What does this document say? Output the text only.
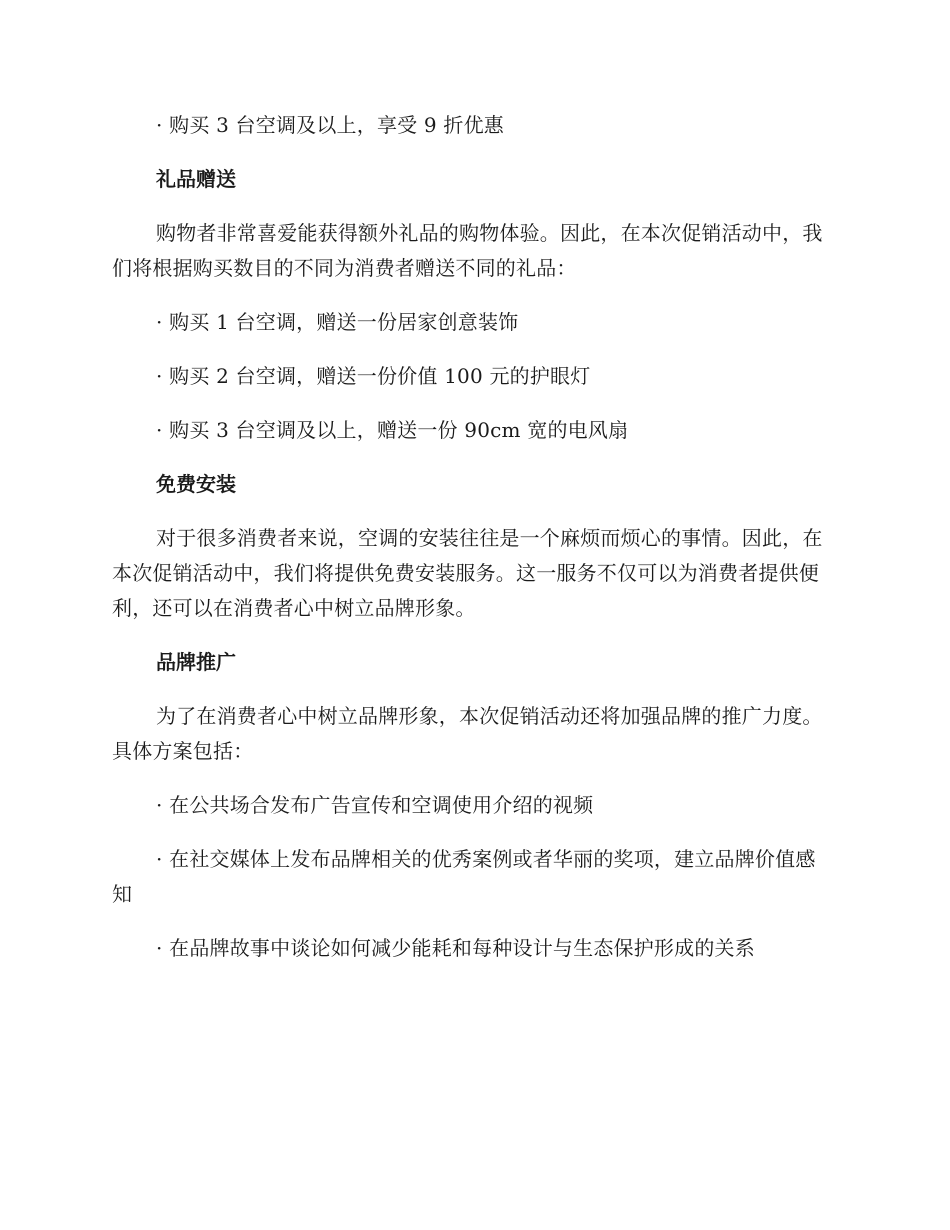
· 购买 3 台空调及以上，享受 9 折优惠

礼品赠送

购物者非常喜爱能获得额外礼品的购物体验。因此，在本次促销活动中，我们将根据购买数目的不同为消费者赠送不同的礼品：

· 购买 1 台空调，赠送一份居家创意装饰

· 购买 2 台空调，赠送一份价值 100 元的护眼灯

· 购买 3 台空调及以上，赠送一份 90cm 宽的电风扇

免费安装

对于很多消费者来说，空调的安装往往是一个麻烦而烦心的事情。因此，在本次促销活动中，我们将提供免费安装服务。这一服务不仅可以为消费者提供便利，还可以在消费者心中树立品牌形象。

品牌推广

为了在消费者心中树立品牌形象，本次促销活动还将加强品牌的推广力度。具体方案包括：

· 在公共场合发布广告宣传和空调使用介绍的视频

· 在社交媒体上发布品牌相关的优秀案例或者华丽的奖项，建立品牌价值感知

· 在品牌故事中谈论如何减少能耗和每种设计与生态保护形成的关系
